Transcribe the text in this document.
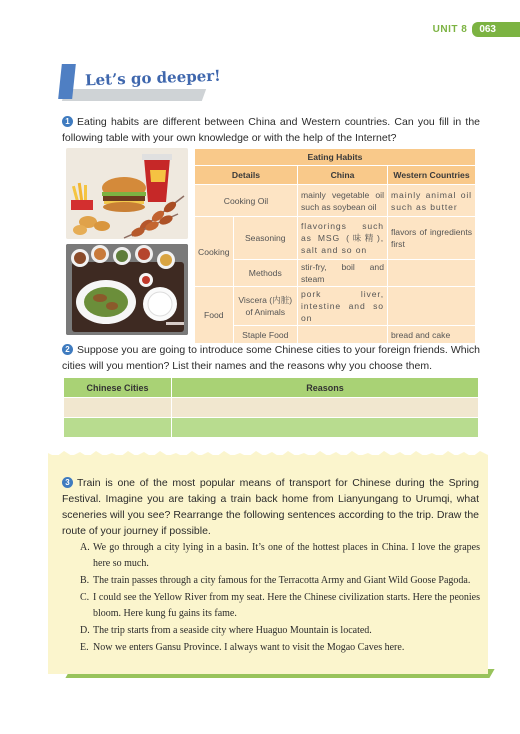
UNIT 8	063
Let’s go deeper!
1 Eating habits are different between China and Western countries. Can you fill in the following table with your own knowledge or with the help of the Internet?
Eating Habits			
Details		China	Western Countries
Cooking Oil		mainly vegetable oil such as soybean oil	mainly animal oil such as butter
Cooking	Seasoning	flavorings such as MSG (味精), salt and so on	flavors of ingredients first
	Methods	stir-fry, boil and steam	
Food	Viscera (内脏) of Animals	pork liver, intestine and so on	
	Staple Food		bread and cake
2 Suppose you are going to introduce some Chinese cities to your foreign friends. Which cities will you mention? List their names and the reasons why you choose them.
Chinese Cities	Reasons

3 Train is one of the most popular means of transport for Chinese during the Spring Festival. Imagine you are taking a train back home from Lianyungang to Urumqi, what sceneries will you see? Rearrange the following sentences according to the trip. Draw the route of your journey if possible.
A. We go through a city lying in a basin. It’s one of the hottest places in China. I love the grapes here so much.
B. The train passes through a city famous for the Terracotta Army and Giant Wild Goose Pagoda.
C. I could see the Yellow River from my seat. Here the Chinese civilization starts. Here the peonies bloom. Here kung fu gains its fame.
D. The trip starts from a seaside city where Huaguo Mountain is located.
E. Now we enters Gansu Province. I always want to visit the Mogao Caves here.
